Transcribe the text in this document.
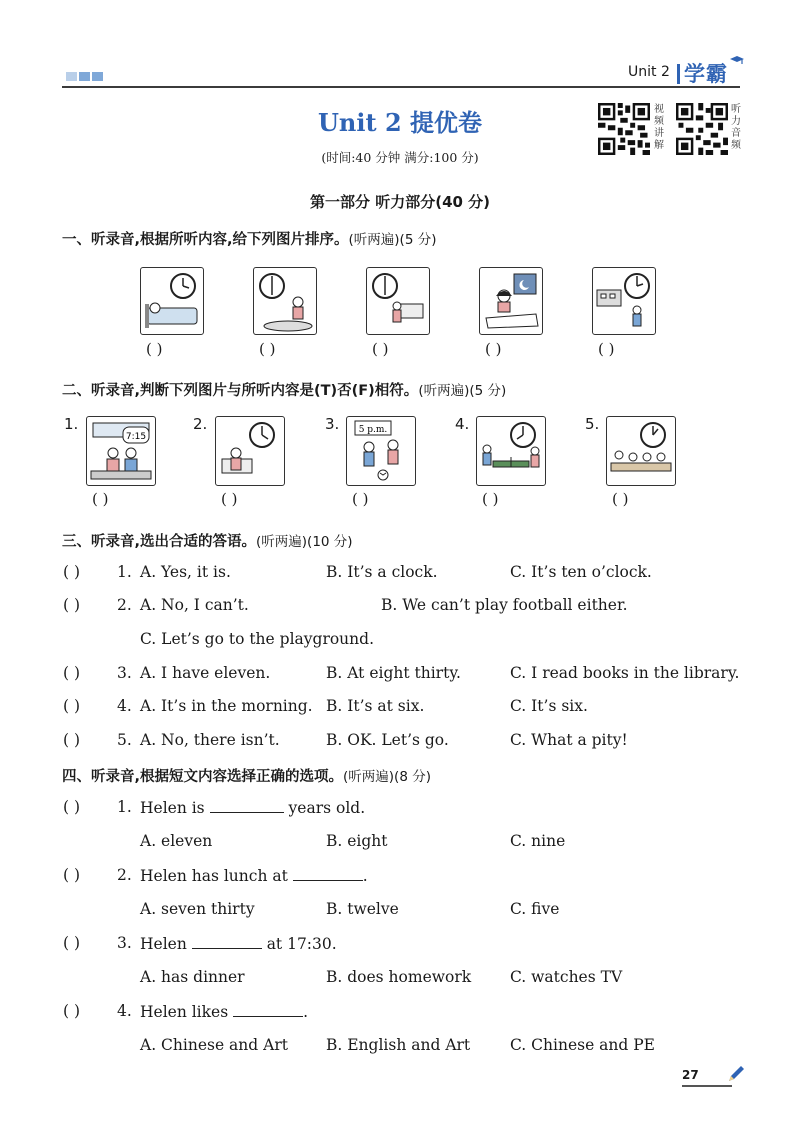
Unit 2 学霸
Unit 2 提优卷
(时间:40 分钟 满分:100 分)
视频讲解
听力音频
第一部分 听力部分(40 分)
一、听录音,根据所听内容,给下列图片排序。(听两遍)(5 分)
( )	( )	( )	( )	( )
二、听录音,判断下列图片与所听内容是(T)否(F)相符。(听两遍)(5 分)
1.
7:15
2.	3. 5 p.m.	4.	5.
( )	( )	( )	( )	( )
三、听录音,选出合适的答语。(听两遍)(10 分)
( ) 1. A. Yes, it is.	B. It’s a clock.	C. It’s ten o’clock.
( ) 2. A. No, I can’t.	B. We can’t play football either.
C. Let’s go to the playground.
( ) 3. A. I have eleven.	B. At eight thirty.	C. I read books in the library.
( ) 4. A. It’s in the morning. B. It’s at six.	C. It’s six.
( ) 5. A. No, there isn’t.	B. OK. Let’s go.	C. What a pity!
四、听录音,根据短文内容选择正确的选项。(听两遍)(8 分)
( ) 1. Helen is	years old.
A. eleven	B. eight	C. nine
( ) 2. Helen has lunch at	.
A. seven thirty	B. twelve	C. five
( ) 3. Helen	at 17:30.
A. has dinner	B. does homework	C. watches TV
( ) 4. Helen likes	.
A. Chinese and Art B. English and Art	C. Chinese and PE
27
